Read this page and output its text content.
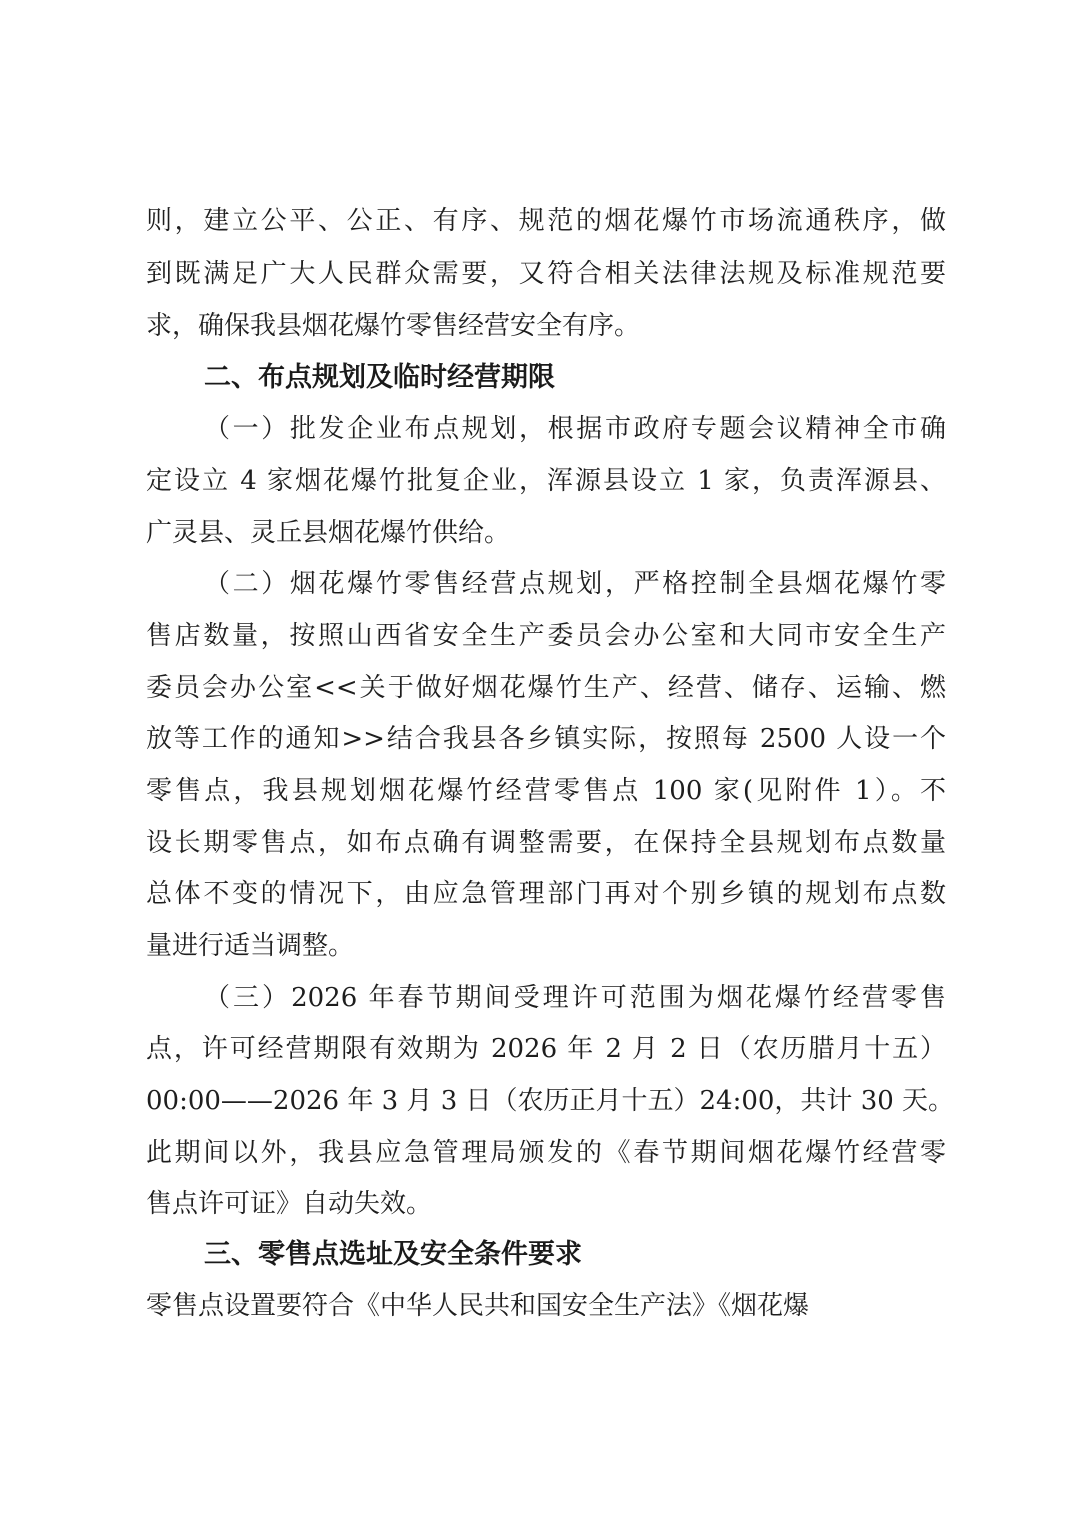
则，建立公平、公正、有序、规范的烟花爆竹市场流通秩序，做
到既满足广大人民群众需要，又符合相关法律法规及标准规范要
求，确保我县烟花爆竹零售经营安全有序。
二、布点规划及临时经营期限
（一）批发企业布点规划，根据市政府专题会议精神全市确
定设立 4 家烟花爆竹批复企业，浑源县设立 1 家，负责浑源县、
广灵县、灵丘县烟花爆竹供给。
（二）烟花爆竹零售经营点规划，严格控制全县烟花爆竹零
售店数量，按照山西省安全生产委员会办公室和大同市安全生产
委员会办公室<<关于做好烟花爆竹生产、经营、储存、运输、燃
放等工作的通知>>结合我县各乡镇实际，按照每 2500 人设一个
零售点，我县规划烟花爆竹经营零售点 100 家(见附件 1）。不
设长期零售点，如布点确有调整需要，在保持全县规划布点数量
总体不变的情况下，由应急管理部门再对个别乡镇的规划布点数
量进行适当调整。
（三）2026 年春节期间受理许可范围为烟花爆竹经营零售
点，许可经营期限有效期为 2026 年 2 月 2 日（农历腊月十五）
00:00——2026 年 3 月 3 日（农历正月十五）24:00，共计 30 天。
此期间以外，我县应急管理局颁发的《春节期间烟花爆竹经营零
售点许可证》自动失效。
三、零售点选址及安全条件要求
零售点设置要符合《中华人民共和国安全生产法》《烟花爆
